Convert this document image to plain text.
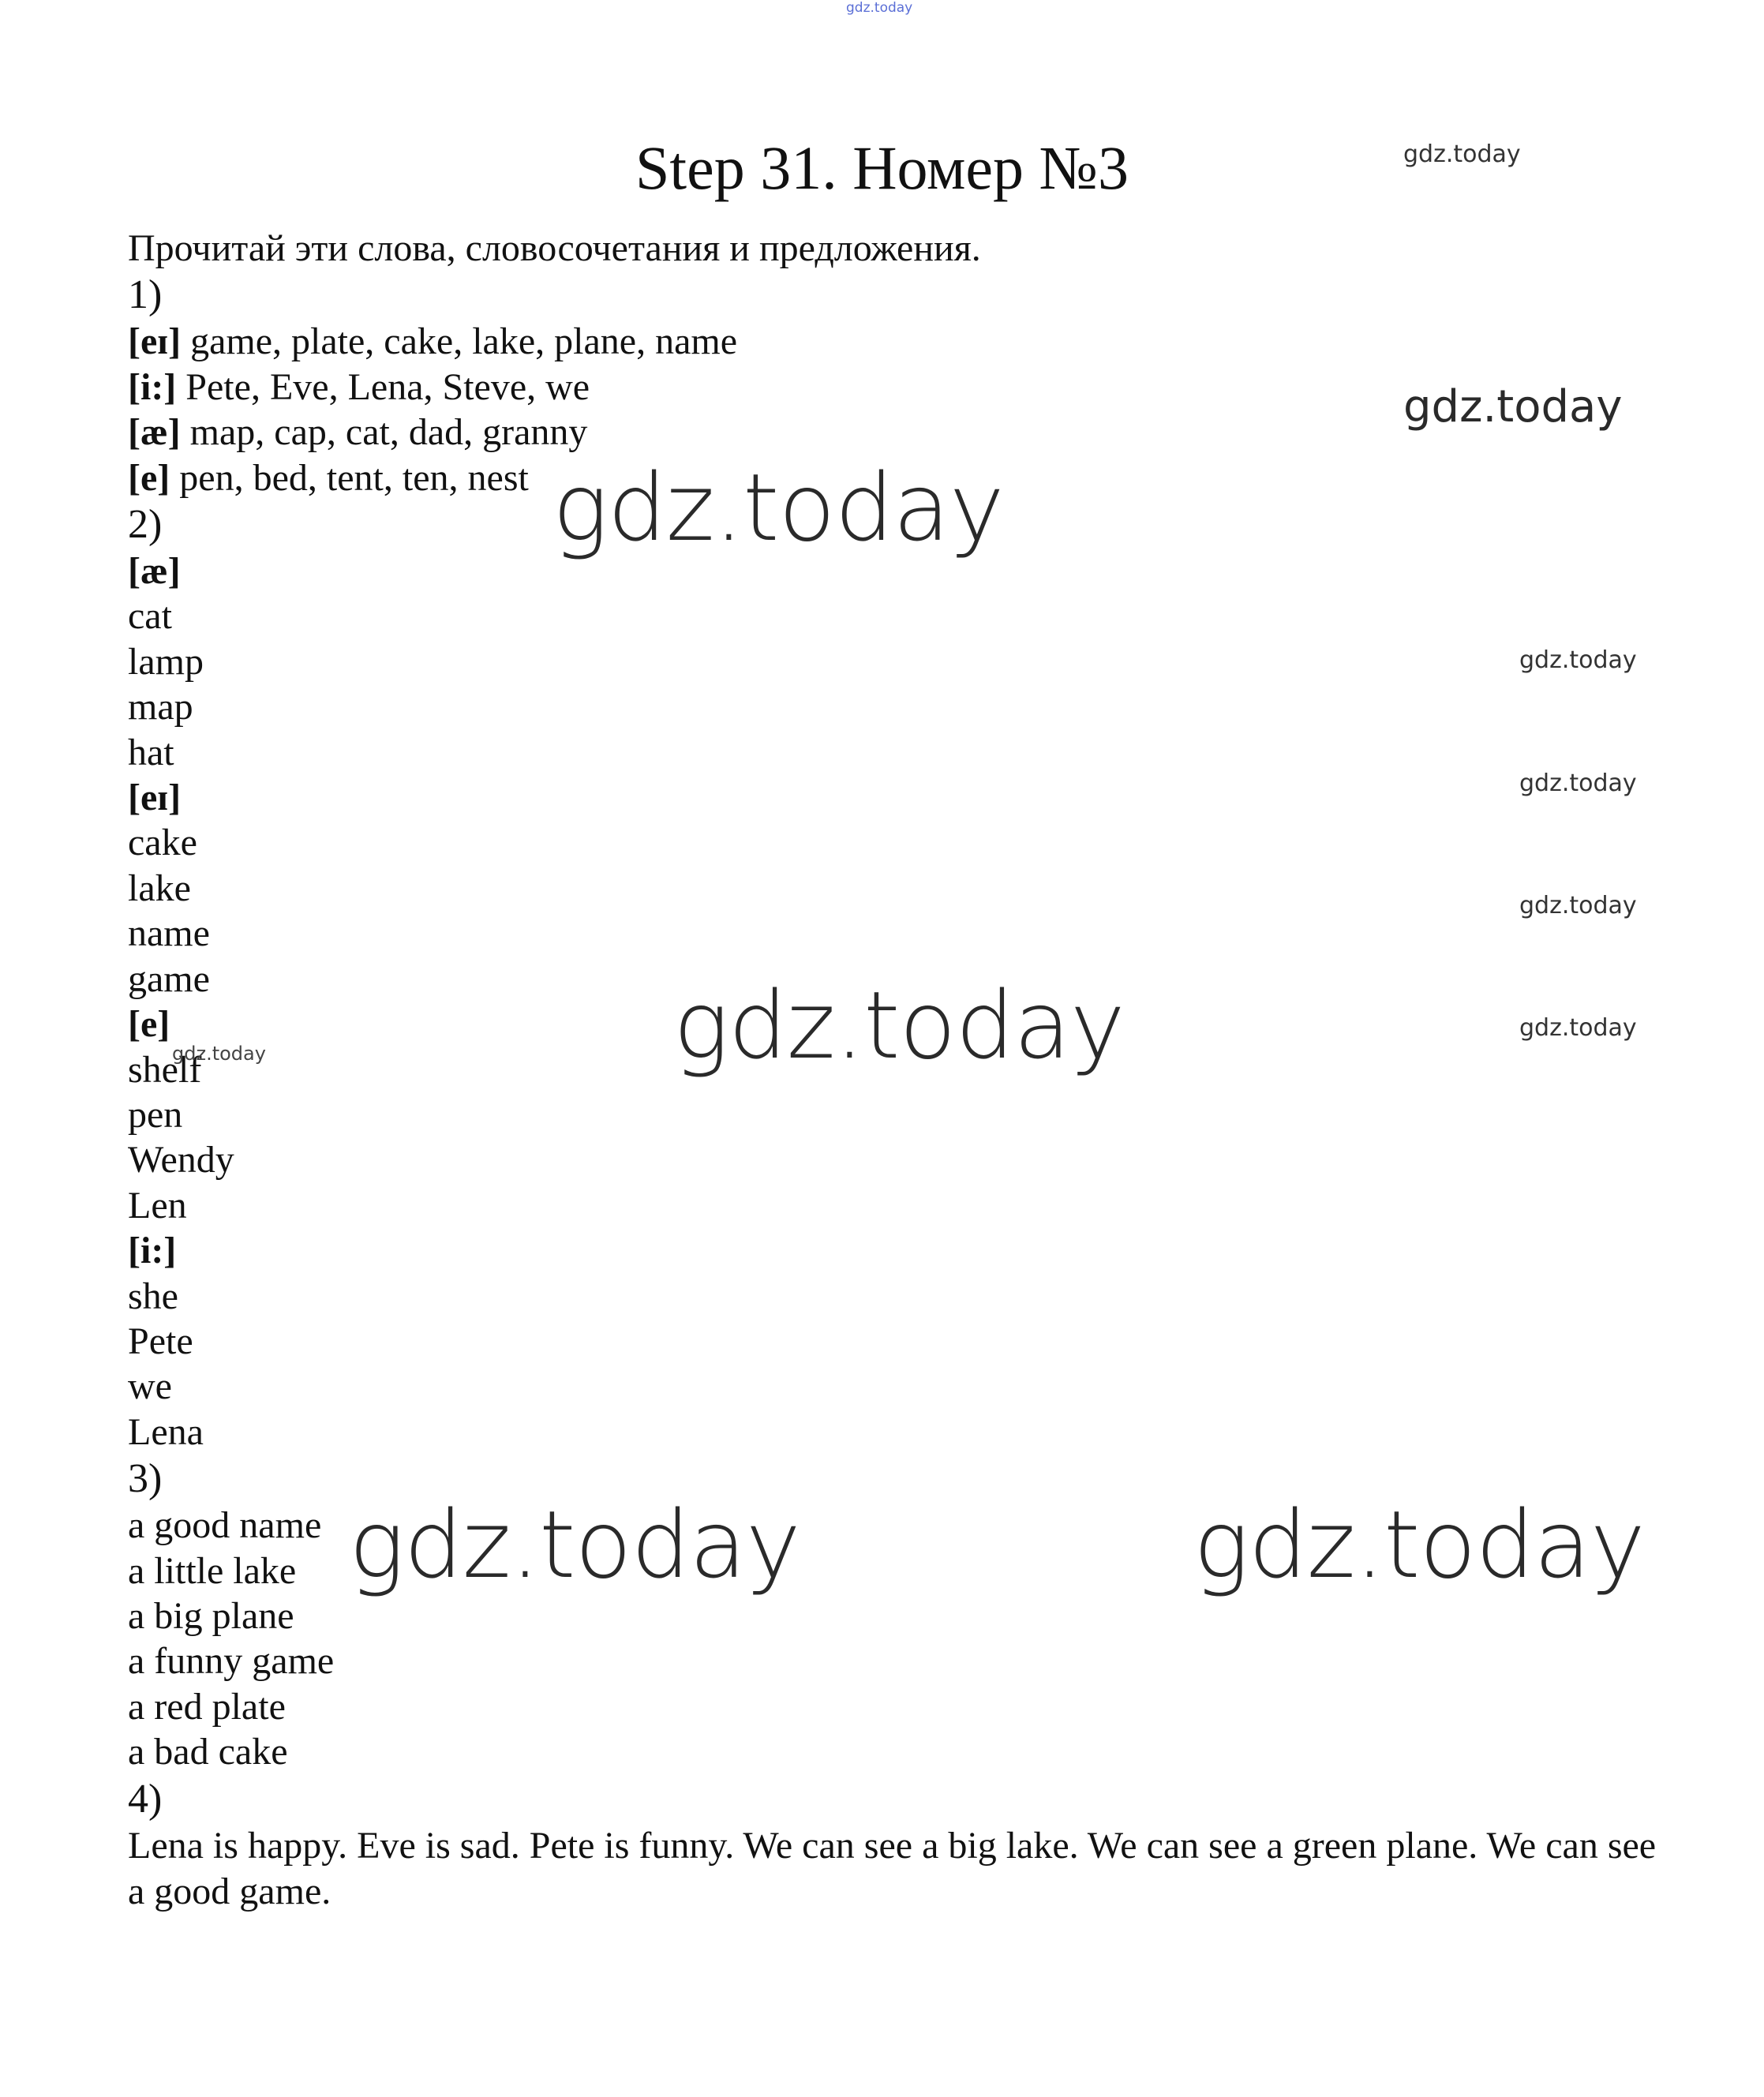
gdz.today
Step 31. Номер №3	gdz.today
gdz.today
Прочитай эти слова, словосочетания и предложения.
1)
[eɪ] game, plate, cake, lake, plane, name
[i:] Pete, Eve, Lena, Steve, we
[æ] map, cap, cat, dad, granny
[e] pen, bed, tent, ten, nest
2)
[æ]
cat
lamp
map
hat
[eɪ]
cake
lake
name
game
[e]
shelf
pen
Wendy
Len
[i:]
she
Pete
we
Lena
3)
a good name
a little lake
a big plane
a funny game
a red plate
a bad cake
4)
Lena is happy. Eve is sad. Pete is funny. We can see a big lake. We can see a green plane. We can see a good game.
gdz.today
gdz.today
gdz.today
gdz.today
gdz.today	gdz.today
gdz.today
gdz.today	gdz.today
